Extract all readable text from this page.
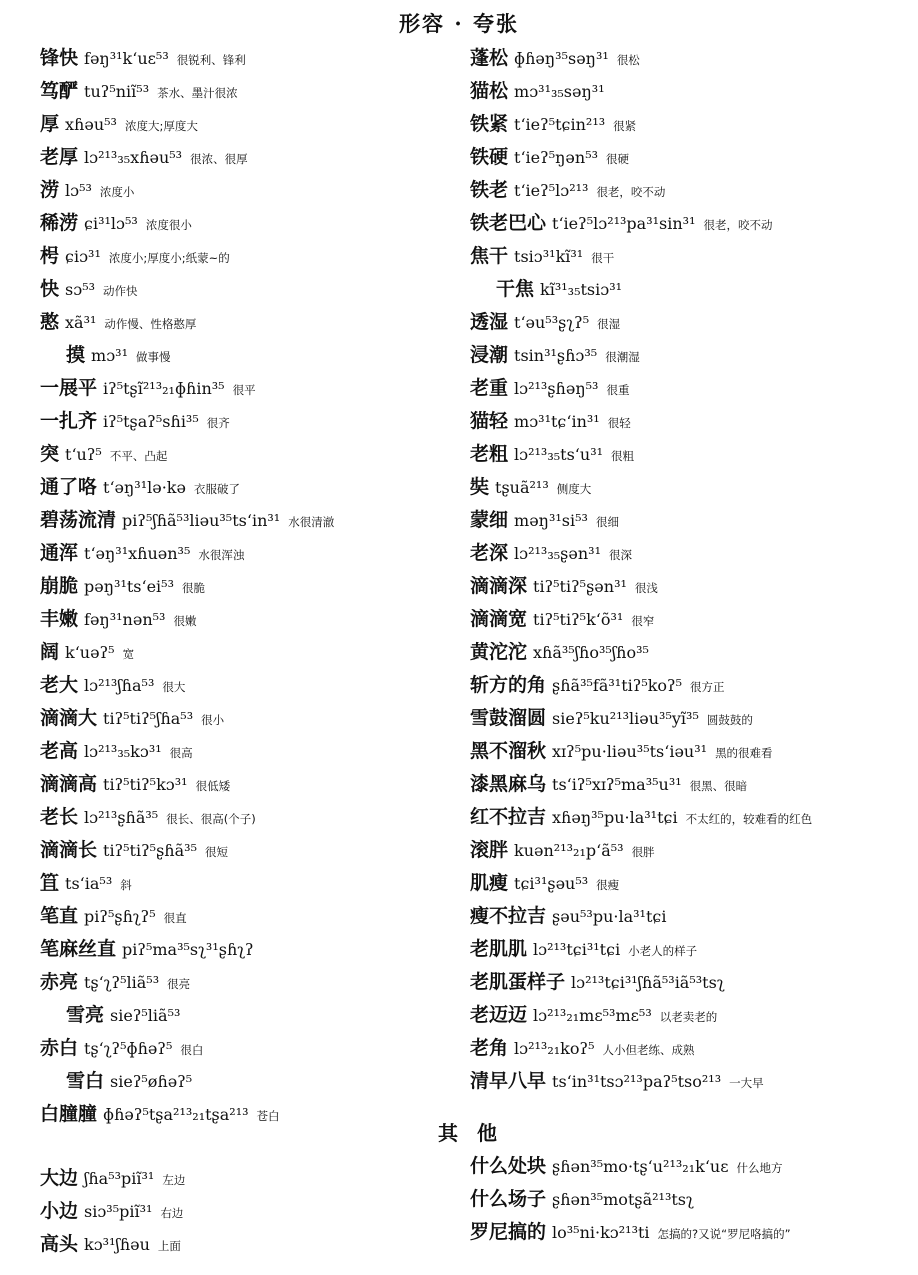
形容 · 夸张
锋快 fəŋ³¹k‘uɛ⁵³ 很锐利、锋利
笃酽 tuʔ⁵niĩ⁵³ 茶水、墨汁很浓
厚 xɦəu⁵³ 浓度大;厚度大
老厚 lɔ²¹³₃₅xɦəu⁵³ 很浓、很厚
涝 lɔ⁵³ 浓度小
稀涝 ɕi³¹lɔ⁵³ 浓度很小
枵 ɕiɔ³¹ 浓度小;厚度小;纸蒙~的
快 sɔ⁵³ 动作快
憨 xã³¹ 动作慢、性格憨厚
摸 mɔ³¹ 做事慢
一展平 iʔ⁵tʂĩ²¹³₂₁ɸɦin³⁵ 很平
一扎齐 iʔ⁵tʂaʔ⁵sɦi³⁵ 很齐
突 t‘uʔ⁵ 不平、凸起
通了咯 t‘əŋ³¹lə·kə 衣服破了
碧荡流清 piʔ⁵ʃɦã⁵³liəu³⁵ts‘in³¹ 水很清澈
通浑 t‘əŋ³¹xɦuən³⁵ 水很浑浊
崩脆 pəŋ³¹ts‘ei⁵³ 很脆
丰嫩 fəŋ³¹nən⁵³ 很嫩
阔 k‘uəʔ⁵ 宽
老大 lɔ²¹³ʃɦa⁵³ 很大
滴滴大 tiʔ⁵tiʔ⁵ʃɦa⁵³ 很小
老高 lɔ²¹³₃₅kɔ³¹ 很高
滴滴高 tiʔ⁵tiʔ⁵kɔ³¹ 很低矮
老长 lɔ²¹³ʂɦã³⁵ 很长、很高(个子)
滴滴长 tiʔ⁵tiʔ⁵ʂɦã³⁵ 很短
笡 ts‘ia⁵³ 斜
笔直 piʔ⁵ʂɦʅʔ⁵ 很直
笔麻丝直 piʔ⁵ma³⁵sʅ³¹ʂɦʅʔ
赤亮 tʂ‘ʅʔ⁵liã⁵³ 很亮
雪亮 sieʔ⁵liã⁵³
赤白 tʂ‘ʅʔ⁵ɸɦəʔ⁵ 很白
雪白 sieʔ⁵øɦəʔ⁵
白膧膧 ɸɦəʔ⁵tʂa²¹³₂₁tʂa²¹³ 苍白
大边 ʃɦa⁵³piĩ³¹ 左边
小边 siɔ³⁵piĩ³¹ 右边
高头 kɔ³¹ʃɦəu 上面
蓬松 ɸɦəŋ³⁵səŋ³¹ 很松
猫松 mɔ³¹₃₅səŋ³¹
铁紧 t‘ieʔ⁵tɕin²¹³ 很紧
铁硬 t‘ieʔ⁵ŋən⁵³ 很硬
铁老 t‘ieʔ⁵lɔ²¹³ 很老，咬不动
铁老巴心 t‘ieʔ⁵lɔ²¹³pa³¹sin³¹ 很老，咬不动
焦干 tsiɔ³¹kĩ³¹ 很干
干焦 kĩ³¹₃₅tsiɔ³¹
透湿 t‘əu⁵³ʂʅʔ⁵ 很湿
浸潮 tsin³¹ʂɦɔ³⁵ 很潮湿
老重 lɔ²¹³ʂɦəŋ⁵³ 很重
猫轻 mɔ³¹tɕ‘in³¹ 很轻
老粗 lɔ²¹³₃₅ts‘u³¹ 很粗
奘 tʂuã²¹³ 侧度大
蒙细 məŋ³¹si⁵³ 很细
老深 lɔ²¹³₃₅ʂən³¹ 很深
滴滴深 tiʔ⁵tiʔ⁵ʂən³¹ 很浅
滴滴宽 tiʔ⁵tiʔ⁵k‘õ³¹ 很窄
黄沱沱 xɦã³⁵ʃɦo³⁵ʃɦo³⁵
斩方的角 ʂɦã³⁵fã³¹tiʔ⁵koʔ⁵ 很方正
雪鼓溜圆 sieʔ⁵ku²¹³liəu³⁵yĩ³⁵ 圆鼓鼓的
黑不溜秋 xɪʔ⁵pu·liəu³⁵ts‘iəu³¹ 黑的很难看
漆黑麻乌 ts‘iʔ⁵xɪʔ⁵ma³⁵u³¹ 很黑、很暗
红不拉吉 xɦəŋ³⁵pu·la³¹tɕi 不太红的，较难看的红色
滚胖 kuən²¹³₂₁p‘ã⁵³ 很胖
肌瘦 tɕi³¹ʂəu⁵³ 很瘦
瘦不拉吉 ʂəu⁵³pu·la³¹tɕi
老肌肌 lɔ²¹³tɕi³¹tɕi 小老人的样子
老肌蛋样子 lɔ²¹³tɕi³¹ʃɦã⁵³iã⁵³tsʅ
老迈迈 lɔ²¹³₂₁mɛ⁵³mɛ⁵³ 以老卖老的
老角 lɔ²¹³₂₁koʔ⁵ 人小但老练、成熟
清早八早 ts‘in³¹tsɔ²¹³paʔ⁵tso²¹³ 一大早
其 他
什么处块 ʂɦən³⁵mo·tʂ‘u²¹³₂₁k‘uɛ 什么地方
什么场子 ʂɦən³⁵motʂã²¹³tsʅ
罗尼搞的 lo³⁵ni·kɔ²¹³ti 怎搞的?又说“罗尼咯搞的”
